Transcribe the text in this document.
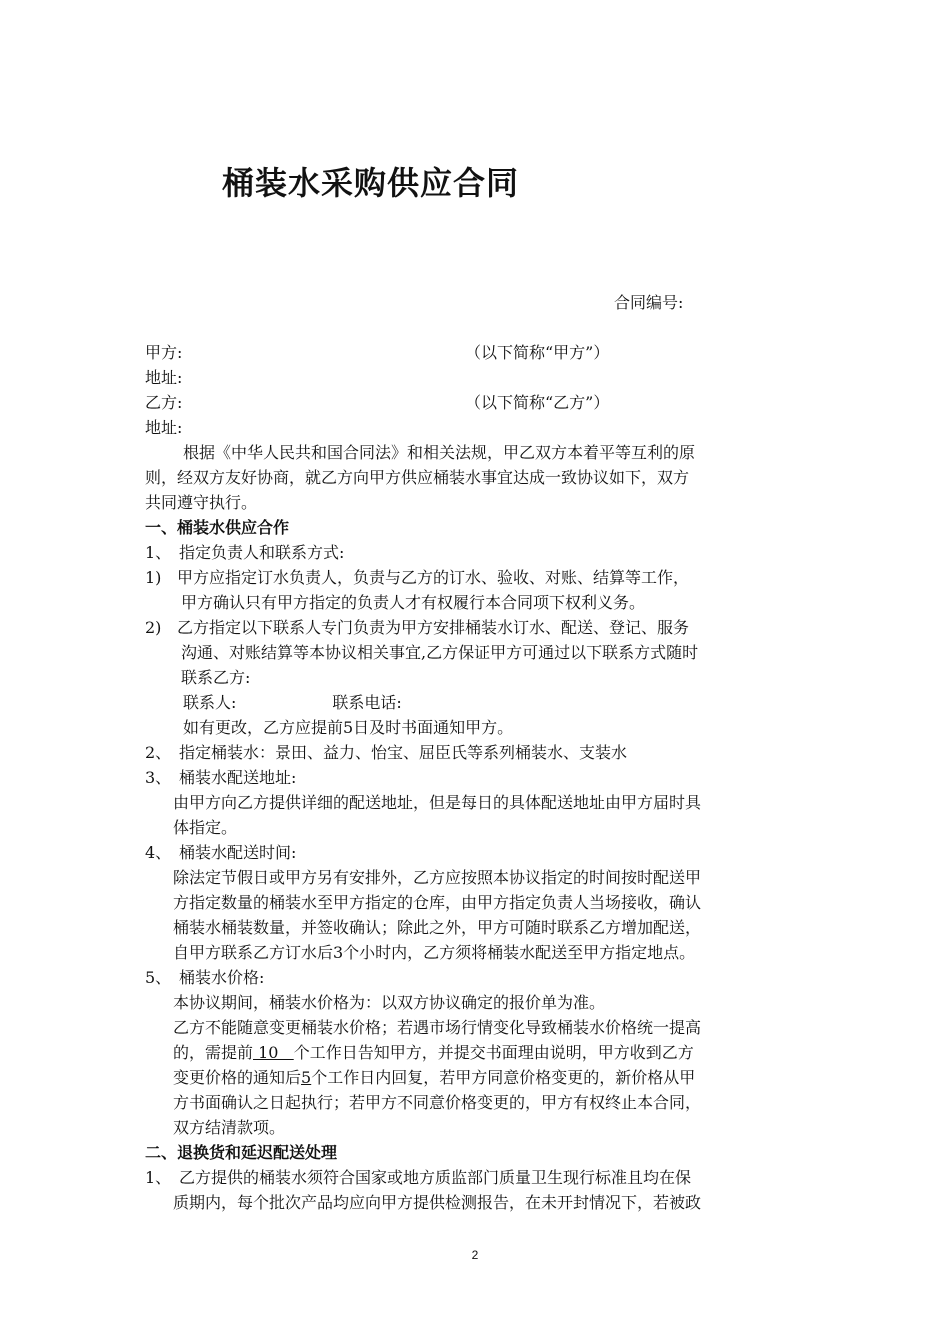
桶装水采购供应合同
合同编号:
甲方:	（以下简称“甲方”）
地址:
乙方:	（以下简称“乙方”）
地址:
根据《中华人民共和国合同法》和相关法规，甲乙双方本着平等互利的原
则，经双方友好协商，就乙方向甲方供应桶装水事宜达成一致协议如下，双方
共同遵守执行。
一、桶装水供应合作
1、 指定负责人和联系方式:
1) 甲方应指定订水负责人，负责与乙方的订水、验收、对账、结算等工作，
甲方确认只有甲方指定的负责人才有权履行本合同项下权利义务。
2) 乙方指定以下联系人专门负责为甲方安排桶装水订水、配送、登记、服务
沟通、对账结算等本协议相关事宜,乙方保证甲方可通过以下联系方式随时
联系乙方:
联系人:	联系电话:
如有更改，乙方应提前5日及时书面通知甲方。
2、 指定桶装水：景田、益力、怡宝、屈臣氏等系列桶装水、支装水
3、 桶装水配送地址:
由甲方向乙方提供详细的配送地址，但是每日的具体配送地址由甲方届时具
体指定。
4、 桶装水配送时间:
除法定节假日或甲方另有安排外，乙方应按照本协议指定的时间按时配送甲
方指定数量的桶装水至甲方指定的仓库，由甲方指定负责人当场接收，确认
桶装水桶装数量，并签收确认；除此之外，甲方可随时联系乙方增加配送，
自甲方联系乙方订水后3个小时内，乙方须将桶装水配送至甲方指定地点。
5、 桶装水价格:
本协议期间，桶装水价格为：以双方协议确定的报价单为准。
乙方不能随意变更桶装水价格；若遇市场行情变化导致桶装水价格统一提高
的，需提前 10   个工作日告知甲方，并提交书面理由说明，甲方收到乙方
变更价格的通知后5个工作日内回复，若甲方同意价格变更的，新价格从甲
方书面确认之日起执行；若甲方不同意价格变更的，甲方有权终止本合同，
双方结清款项。
二、退换货和延迟配送处理
1、 乙方提供的桶装水须符合国家或地方质监部门质量卫生现行标准且均在保
质期内，每个批次产品均应向甲方提供检测报告，在未开封情况下，若被政
2
